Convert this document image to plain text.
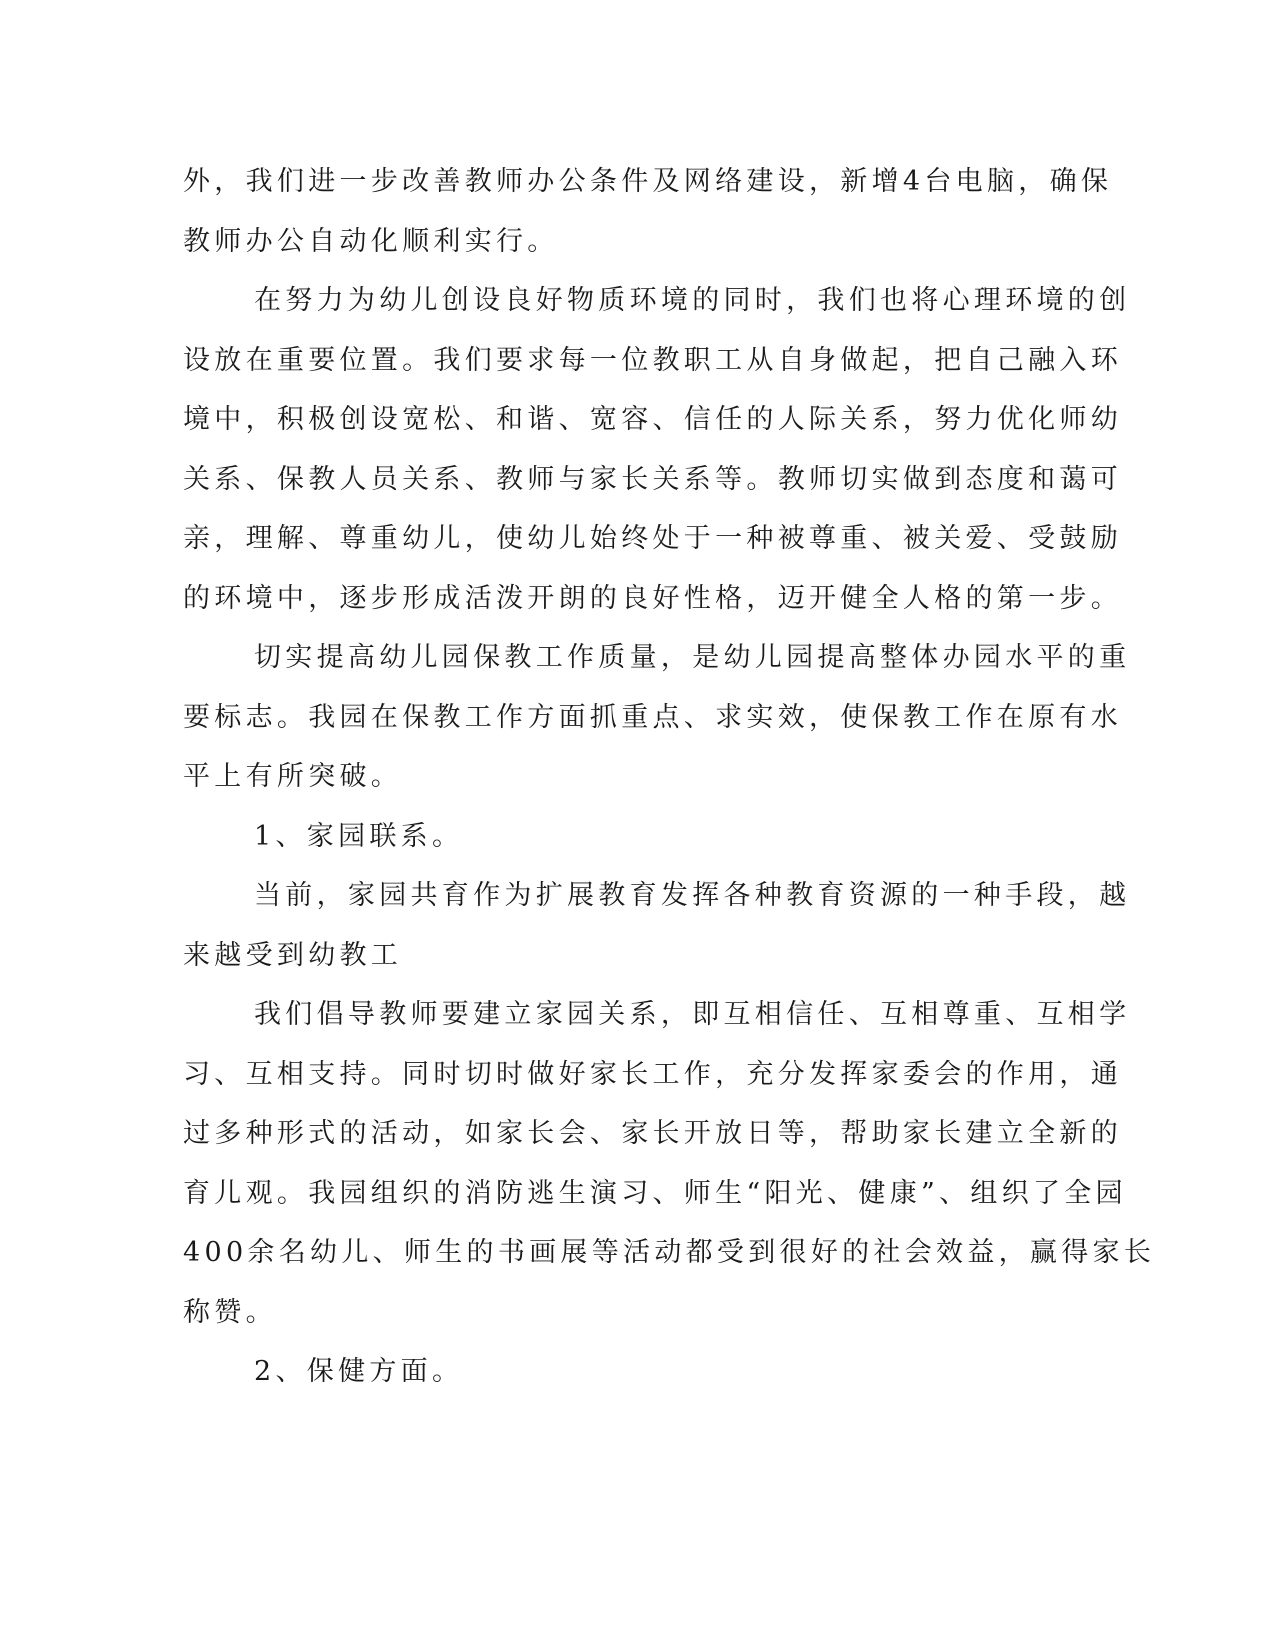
外，我们进一步改善教师办公条件及网络建设，新增4台电脑，确保
教师办公自动化顺利实行。
在努力为幼儿创设良好物质环境的同时，我们也将心理环境的创
设放在重要位置。我们要求每一位教职工从自身做起，把自己融入环
境中，积极创设宽松、和谐、宽容、信任的人际关系，努力优化师幼
关系、保教人员关系、教师与家长关系等。教师切实做到态度和蔼可
亲，理解、尊重幼儿，使幼儿始终处于一种被尊重、被关爱、受鼓励
的环境中，逐步形成活泼开朗的良好性格，迈开健全人格的第一步。
切实提高幼儿园保教工作质量，是幼儿园提高整体办园水平的重
要标志。我园在保教工作方面抓重点、求实效，使保教工作在原有水
平上有所突破。
1、家园联系。
当前，家园共育作为扩展教育发挥各种教育资源的一种手段，越
来越受到幼教工
我们倡导教师要建立家园关系，即互相信任、互相尊重、互相学
习、互相支持。同时切时做好家长工作，充分发挥家委会的作用，通
过多种形式的活动，如家长会、家长开放日等，帮助家长建立全新的
育儿观。我园组织的消防逃生演习、师生“阳光、健康”、组织了全园
400余名幼儿、师生的书画展等活动都受到很好的社会效益，赢得家长
称赞。
2、保健方面。
